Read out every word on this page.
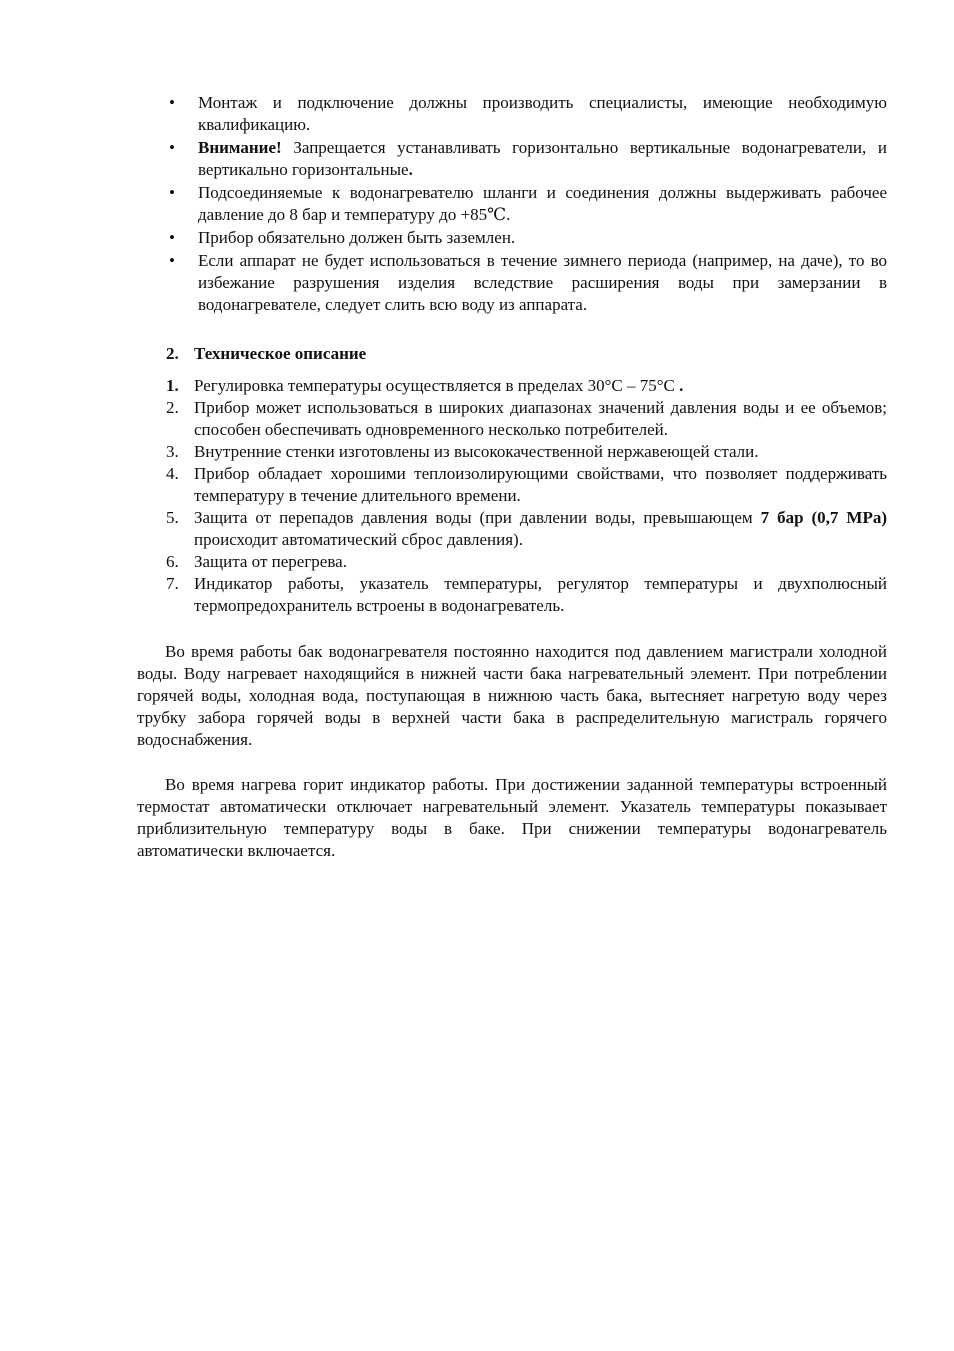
•	Монтаж и подключение должны производить специалисты, имеющие необходимую квалификацию.
•	Внимание! Запрещается устанавливать горизонтально вертикальные водонагреватели, и вертикально горизонтальные.
•	Подсоединяемые к водонагревателю шланги и соединения должны выдерживать рабочее давление до 8 бар и температуру до +85℃.
•	Прибор обязательно должен быть заземлен.
•	Если аппарат не будет использоваться в течение зимнего периода (например, на даче), то во избежание разрушения изделия вследствие расширения воды при замерзании в водонагревателе, следует слить всю воду из аппарата.
2. Техническое описание
1. Регулировка температуры осуществляется в пределах 30°С – 75°С .
2. Прибор может использоваться в широких диапазонах значений давления воды и ее объемов; способен обеспечивать одновременного несколько потребителей.
3. Внутренние стенки изготовлены из высококачественной нержавеющей стали.
4. Прибор обладает хорошими теплоизолирующими свойствами, что позволяет поддерживать температуру в течение длительного времени.
5. Защита от перепадов давления воды (при давлении воды, превышающем 7 бар (0,7 MPa) происходит автоматический сброс давления).
6. Защита от перегрева.
7. Индикатор работы, указатель температуры, регулятор температуры и двухполюсный термопредохранитель встроены в водонагреватель.

Во время работы бак водонагревателя постоянно находится под давлением магистрали холодной воды. Воду нагревает находящийся в нижней части бака нагревательный элемент. При потреблении горячей воды, холодная вода, поступающая в нижнюю часть бака, вытесняет нагретую воду через трубку забора горячей воды в верхней части бака в распределительную магистраль горячего водоснабжения.

Во время нагрева горит индикатор работы. При достижении заданной температуры встроенный термостат автоматически отключает нагревательный элемент. Указатель температуры показывает приблизительную температуру воды в баке. При снижении температуры водонагреватель автоматически включается.
